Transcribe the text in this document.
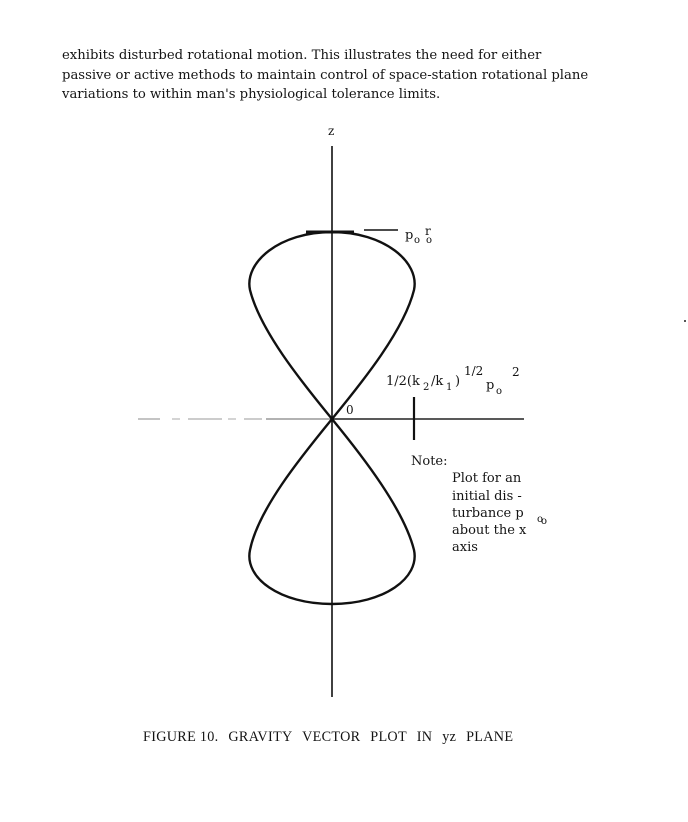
exhibits disturbed rotational motion. This illustrates the need for either
passive or active methods to maintain control of space-station rotational plane
variations to within man's physiological tolerance limits.
z
0
p o
r
o
1/2(k 2 /k 1 )
1/2
p o
2
Note:
Plot for an
initial dis -
turbance p o
about the x
o
axis
FIGURE 10. GRAVITY VECTOR PLOT IN yz PLANE
